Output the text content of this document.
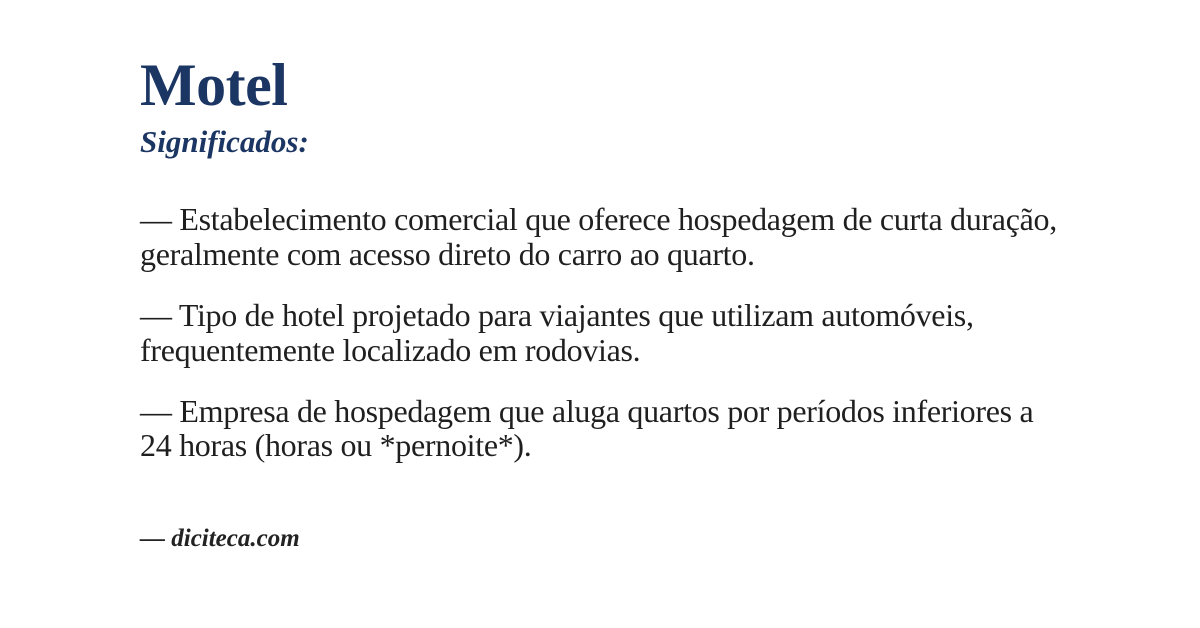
Motel
Significados:

— Estabelecimento comercial que oferece hospedagem de curta duração, geralmente com acesso direto do carro ao quarto.

— Tipo de hotel projetado para viajantes que utilizam automóveis, frequentemente localizado em rodovias.

— Empresa de hospedagem que aluga quartos por períodos inferiores a 24 horas (horas ou *pernoite*).

— diciteca.com
